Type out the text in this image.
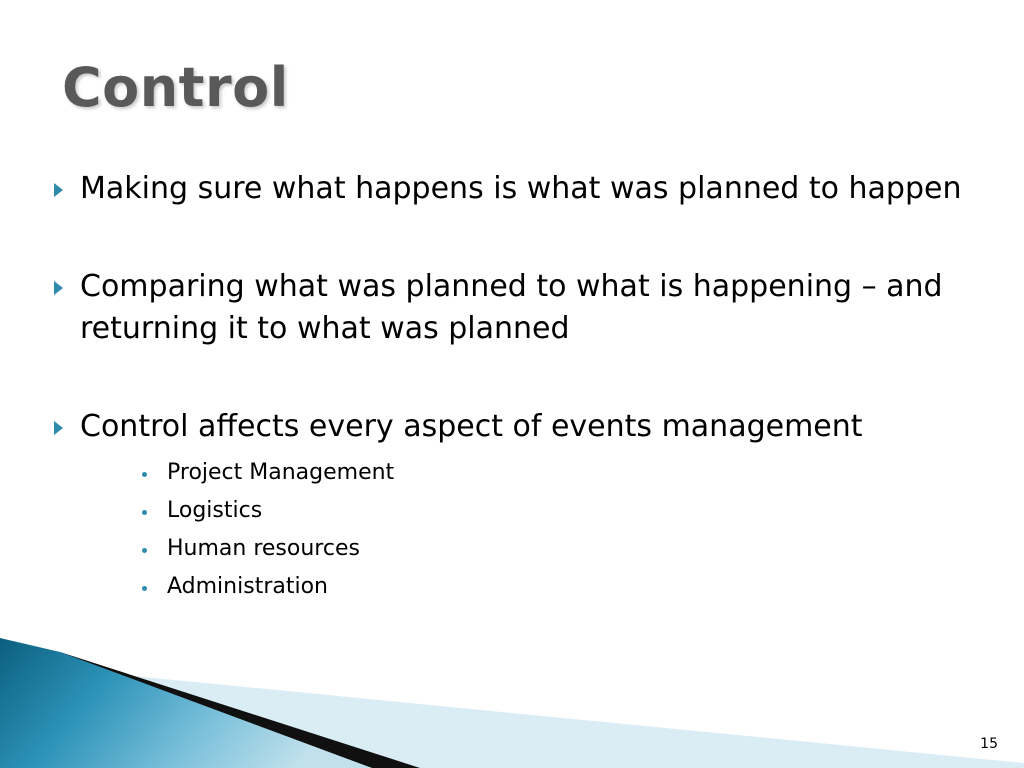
Control
Making sure what happens is what was planned to happen
Comparing what was planned to what is happening – and returning it to what was planned
Control affects every aspect of events management
Project Management
Logistics
Human resources
Administration
15
